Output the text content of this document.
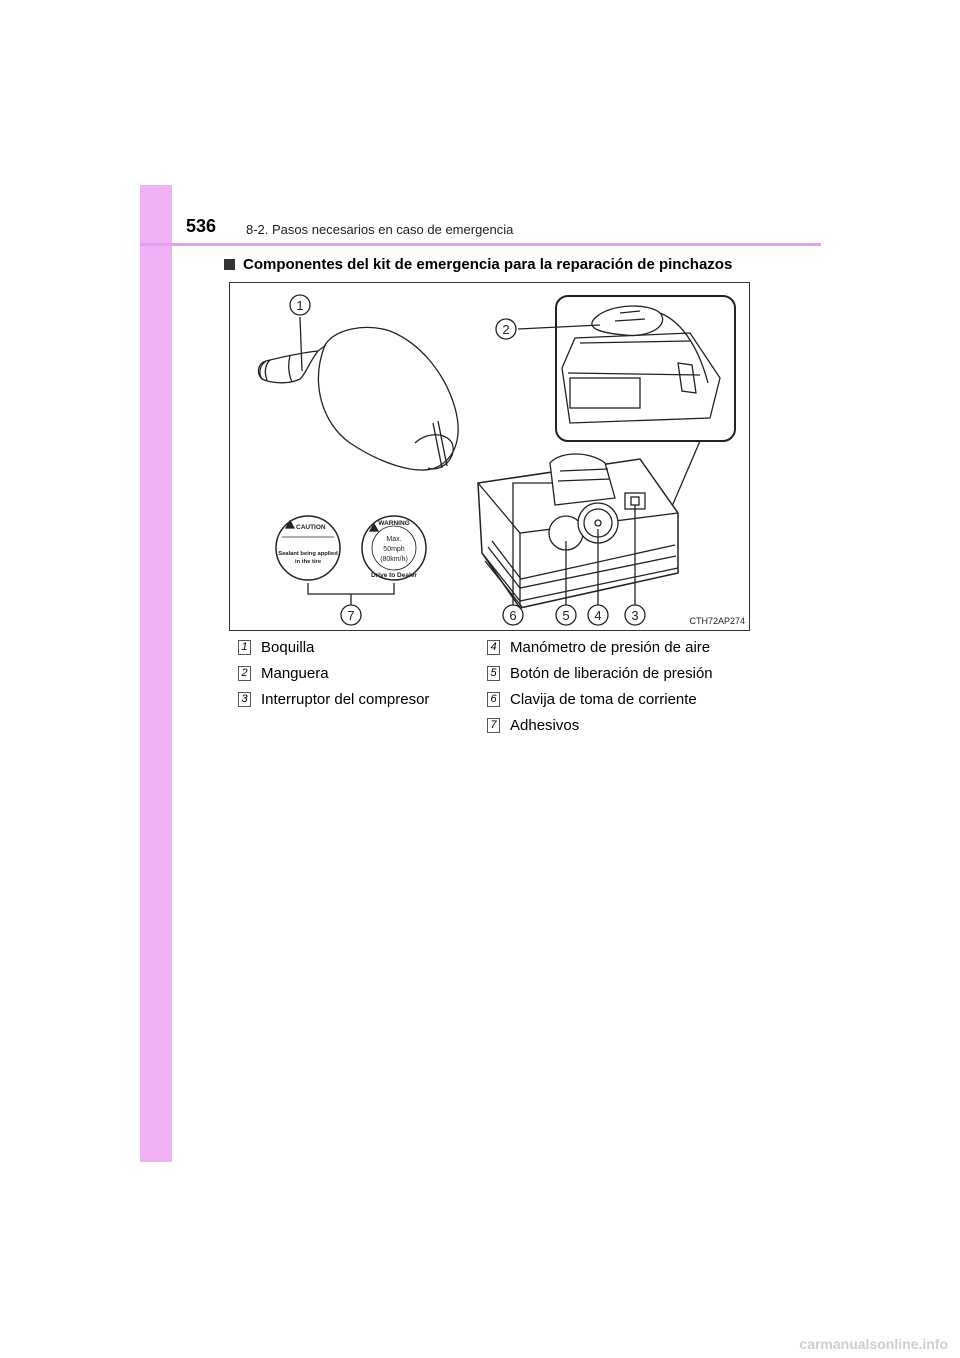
536 8-2. Pasos necesarios en caso de emergencia
Componentes del kit de emergencia para la reparación de pinchazos
CAUTION
Sealant being applied
in the tire
WARNING
Max.
50mph
(80km/h)
Drive to Dealer
1
2
3
4
5
6
7	CTH72AP274
1 Boquilla
2 Manguera
3 Interruptor del compresor
4 Manómetro de presión de aire
5 Botón de liberación de presión
6 Clavija de toma de corriente
7 Adhesivos
carmanualsonline.info
